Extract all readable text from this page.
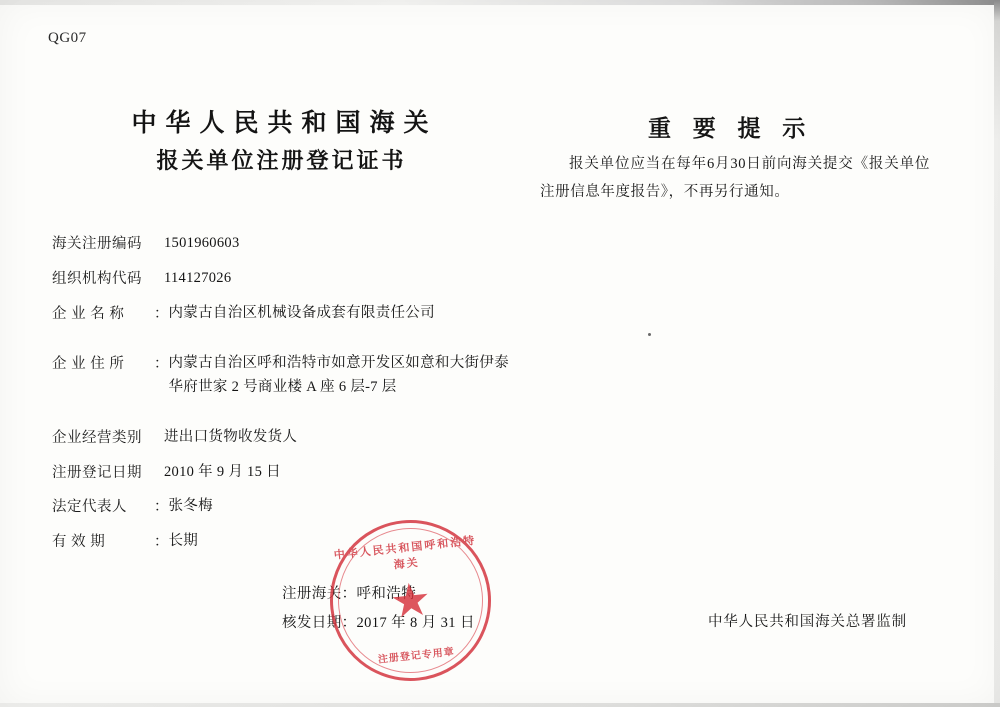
QG07
中华人民共和国海关
报关单位注册登记证书
海关注册编码	1501960603
组织机构代码	114127026
企 业 名 称	： 内蒙古自治区机械设备成套有限责任公司
企 业 住 所	： 内蒙古自治区呼和浩特市如意开发区如意和大街伊泰华府世家 2 号商业楼 A 座 6 层-7 层
企业经营类别	进出口货物收发货人
注册登记日期	2010 年 9 月 15 日
法定代表人	： 张冬梅
有 效 期	： 长期
注册海关：呼和浩特
核发日期：2017 年 8 月 31 日
中华人民共和国呼和浩特海关
★
注册登记专用章
重 要 提 示

报关单位应当在每年6月30日前向海关提交《报关单位注册信息年度报告》，不再另行通知。

中华人民共和国海关总署监制
